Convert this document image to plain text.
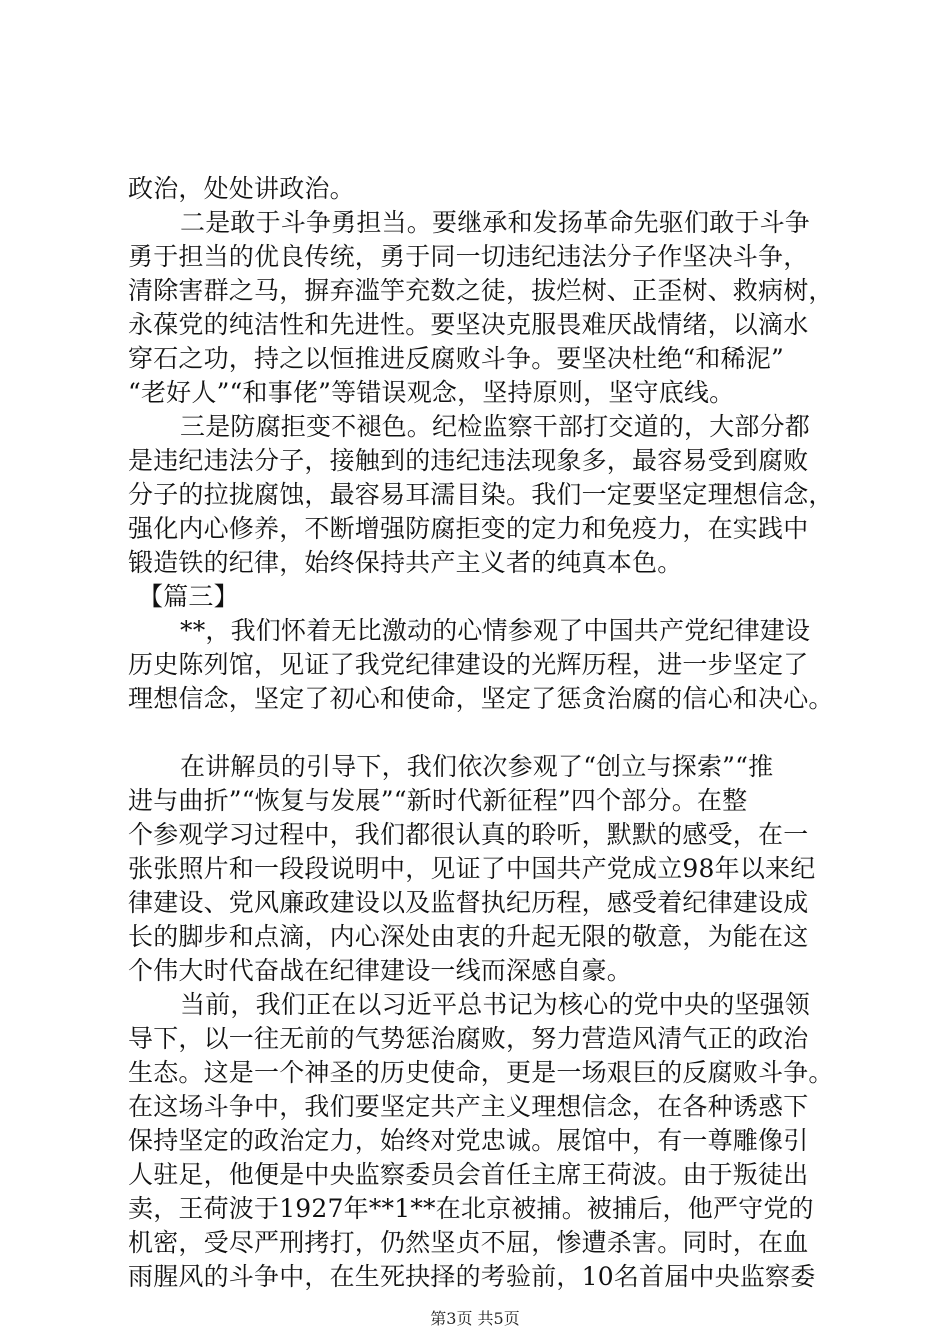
政治，处处讲政治。
二是敢于斗争勇担当。要继承和发扬革命先驱们敢于斗争
勇于担当的优良传统，勇于同一切违纪违法分子作坚决斗争，
清除害群之马，摒弃滥竽充数之徒，拔烂树、正歪树、救病树，
永葆党的纯洁性和先进性。要坚决克服畏难厌战情绪，以滴水
穿石之功，持之以恒推进反腐败斗争。要坚决杜绝“和稀泥”
“老好人”“和事佬”等错误观念，坚持原则，坚守底线。
三是防腐拒变不褪色。纪检监察干部打交道的，大部分都
是违纪违法分子，接触到的违纪违法现象多，最容易受到腐败
分子的拉拢腐蚀，最容易耳濡目染。我们一定要坚定理想信念，
强化内心修养，不断增强防腐拒变的定力和免疫力，在实践中
锻造铁的纪律，始终保持共产主义者的纯真本色。
【篇三】
**，我们怀着无比激动的心情参观了中国共产党纪律建设
历史陈列馆，见证了我党纪律建设的光辉历程，进一步坚定了
理想信念，坚定了初心和使命，坚定了惩贪治腐的信心和决心。
在讲解员的引导下，我们依次参观了“创立与探索”“推
进与曲折”“恢复与发展”“新时代新征程”四个部分。在整
个参观学习过程中，我们都很认真的聆听，默默的感受，在一
张张照片和一段段说明中，见证了中国共产党成立98年以来纪
律建设、党风廉政建设以及监督执纪历程，感受着纪律建设成
长的脚步和点滴，内心深处由衷的升起无限的敬意，为能在这
个伟大时代奋战在纪律建设一线而深感自豪。
当前，我们正在以习近平总书记为核心的党中央的坚强领
导下，以一往无前的气势惩治腐败，努力营造风清气正的政治
生态。这是一个神圣的历史使命，更是一场艰巨的反腐败斗争。
在这场斗争中，我们要坚定共产主义理想信念，在各种诱惑下
保持坚定的政治定力，始终对党忠诚。展馆中，有一尊雕像引
人驻足，他便是中央监察委员会首任主席王荷波。由于叛徒出
卖，王荷波于1927年**1**在北京被捕。被捕后，他严守党的
机密，受尽严刑拷打，仍然坚贞不屈，惨遭杀害。同时，在血
雨腥风的斗争中，在生死抉择的考验前，10名首届中央监察委
第3页 共5页
